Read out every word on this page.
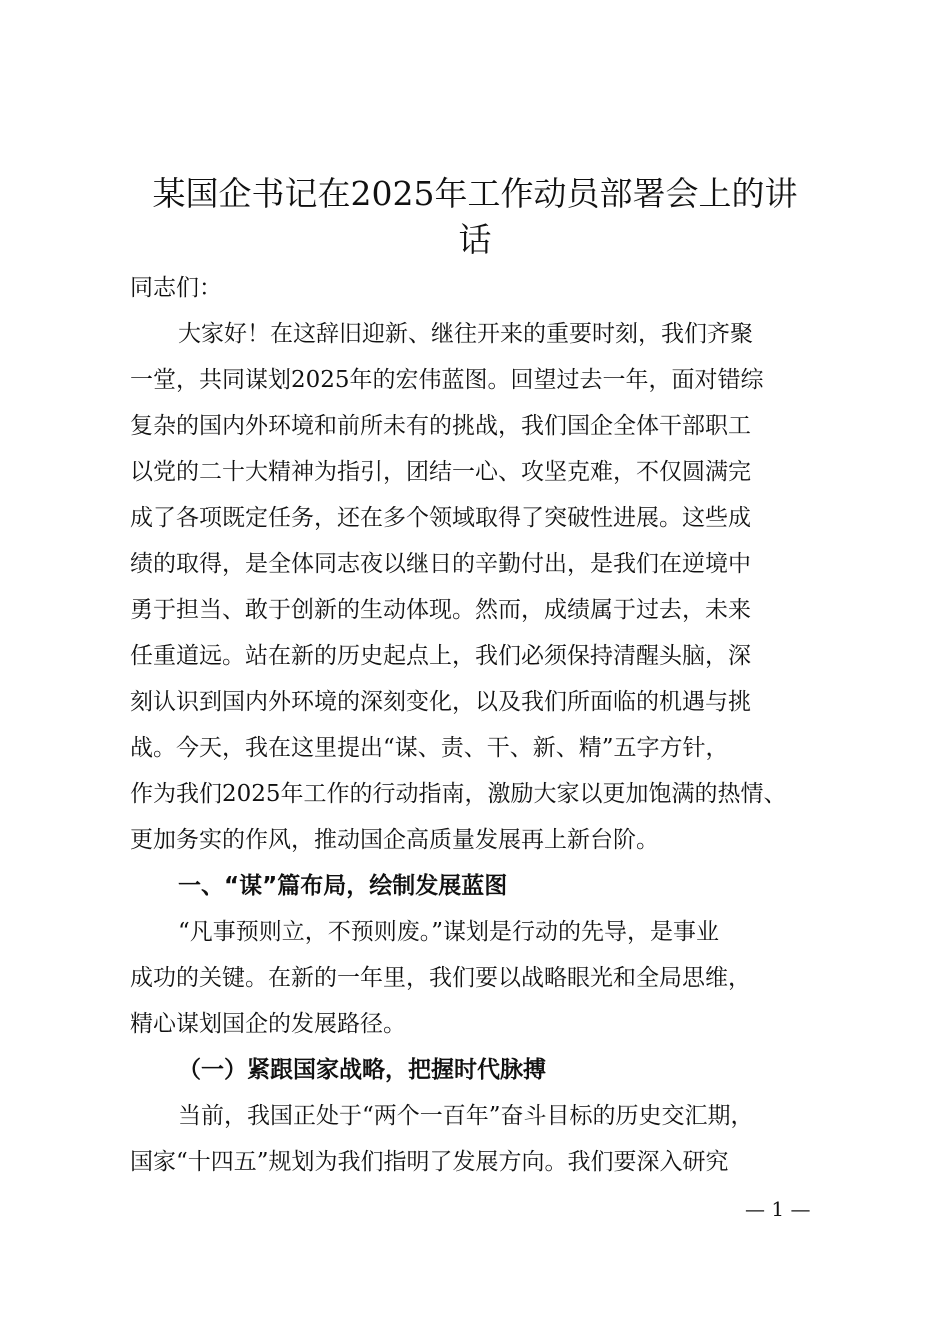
某国企书记在2025年工作动员部署会上的讲
话
同志们：
大家好！在这辞旧迎新、继往开来的重要时刻，我们齐聚
一堂，共同谋划2025年的宏伟蓝图。回望过去一年，面对错综
复杂的国内外环境和前所未有的挑战，我们国企全体干部职工
以党的二十大精神为指引，团结一心、攻坚克难，不仅圆满完
成了各项既定任务，还在多个领域取得了突破性进展。这些成
绩的取得，是全体同志夜以继日的辛勤付出，是我们在逆境中
勇于担当、敢于创新的生动体现。然而，成绩属于过去，未来
任重道远。站在新的历史起点上，我们必须保持清醒头脑，深
刻认识到国内外环境的深刻变化，以及我们所面临的机遇与挑
战。今天，我在这里提出“谋、责、干、新、精”五字方针，
作为我们2025年工作的行动指南，激励大家以更加饱满的热情、
更加务实的作风，推动国企高质量发展再上新台阶。
一、“谋”篇布局，绘制发展蓝图
“凡事预则立，不预则废。”谋划是行动的先导，是事业
成功的关键。在新的一年里，我们要以战略眼光和全局思维，
精心谋划国企的发展路径。
（一）紧跟国家战略，把握时代脉搏
当前，我国正处于“两个一百年”奋斗目标的历史交汇期，
国家“十四五”规划为我们指明了发展方向。我们要深入研究
— 1 —
